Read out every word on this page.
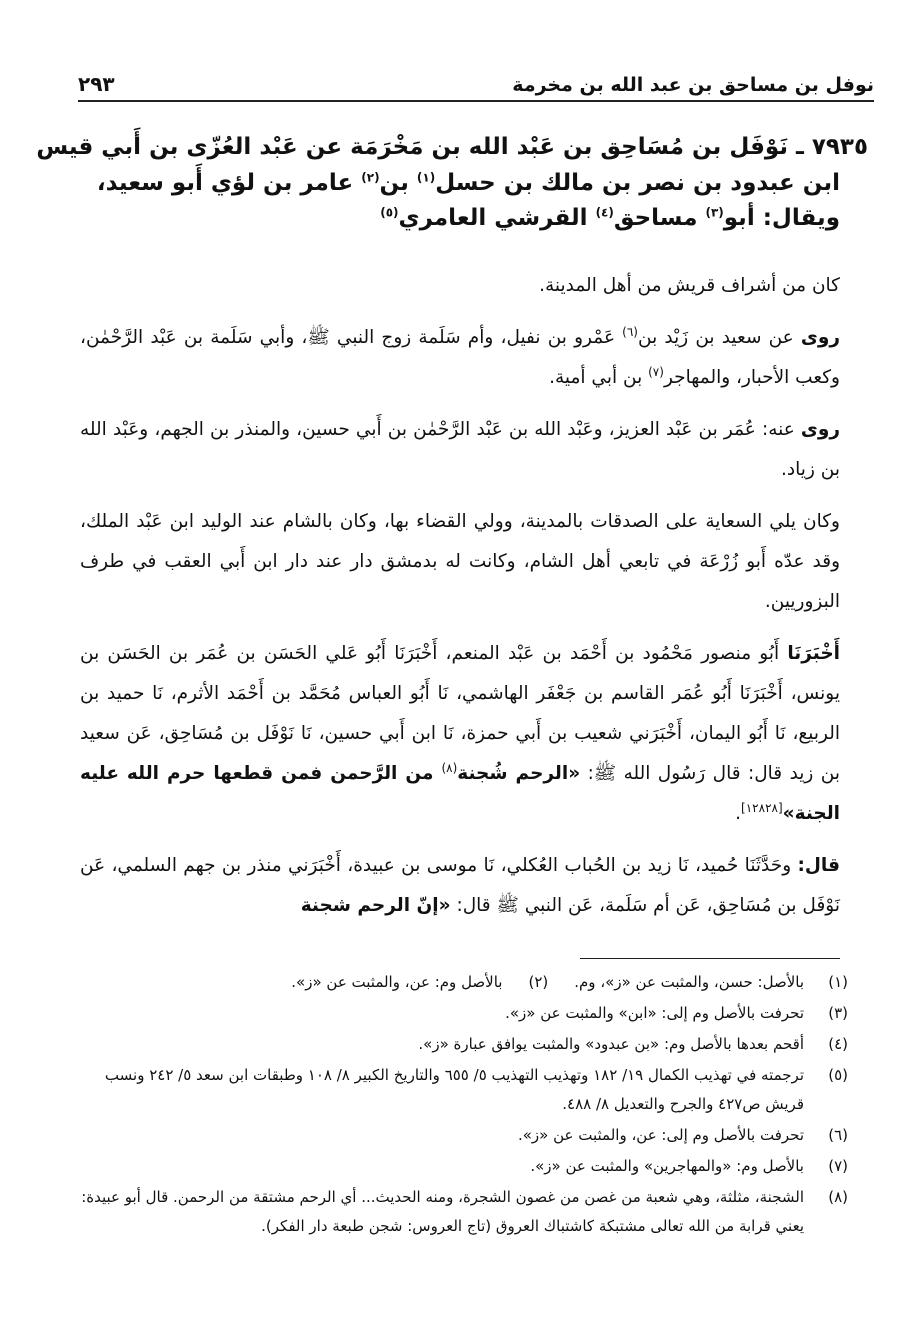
نوفل بن مساحق بن عبد الله بن مخرمة
٢٩٣
٧٩٣٥ ـ نَوْفَل بن مُسَاحِق بن عَبْد الله بن مَخْرَمَة عن عَبْد العُزّى بن أَبي قيس
ابن عبدود بن نصر بن مالك بن حسل$^{(١)}$ بن$^{(٢)}$ عامر بن لؤي أَبو سعيد،
ويقال: أبو$^{(٣)}$ مساحق$^{(٤)}$ القرشي العامري$^{(٥)}$

كان من أشراف قريش من أهل المدينة.

روى عن سعيد بن زَيْد بن$^{(٦)}$ عَمْرو بن نفيل، وأم سَلَمة زوج النبي ﷺ، وأبي سَلَمة بن عَبْد الرَّحْمٰن، وكعب الأحبار، والمهاجر$^{(٧)}$ بن أبي أمية.

روى عنه: عُمَر بن عَبْد العزيز، وعَبْد الله بن عَبْد الرَّحْمٰن بن أَبي حسين، والمنذر بن الجهم، وعَبْد الله بن زياد.

وكان يلي السعاية على الصدقات بالمدينة، وولي القضاء بها، وكان بالشام عند الوليد ابن عَبْد الملك، وقد عدّه أَبو زُرْعَة في تابعي أهل الشام، وكانت له بدمشق دار عند دار ابن أَبي العقب في طرف البزوريين.

أَخْبَرَنَا أَبُو منصور مَحْمُود بن أَحْمَد بن عَبْد المنعم، أَخْبَرَنَا أَبُو عَلي الحَسَن بن عُمَر بن الحَسَن بن يونس، أَخْبَرَنَا أَبُو عُمَر القاسم بن جَعْفَر الهاشمي، نَا أَبُو العباس مُحَمَّد بن أَحْمَد الأثرم، نَا حميد بن الربيع، نَا أَبُو اليمان، أَخْبَرَني شعيب بن أَبي حمزة، نَا ابن أَبي حسين، نَا نَوْفَل بن مُسَاحِق، عَن سعيد بن زيد قال: قال رَسُول الله ﷺ: «الرحم شُجنة$^{(٨)}$ من الرَّحمن فمن قطعها حرم الله عليه الجنة»[١٢٨٢٨].

قال: وحَدَّثَنَا حُميد، نَا زيد بن الحُباب العُكلي، نَا موسى بن عبيدة، أَخْبَرَني منذر بن جهم السلمي، عَن نَوْفَل بن مُسَاحِق، عَن أم سَلَمة، عَن النبي ﷺ قال: «إنّ الرحم شجنة

(١)
بالأصل: حسن، والمثبت عن «ز»، وم.
(٢)
بالأصل وم: عن، والمثبت عن «ز».
(٣)
تحرفت بالأصل وم إلى: «ابن» والمثبت عن «ز».
(٤)
أقحم بعدها بالأصل وم: «بن عبدود» والمثبت يوافق عبارة «ز».
(٥)
ترجمته في تهذيب الكمال ١٩/ ١٨٢ وتهذيب التهذيب ٥/ ٦٥٥ والتاريخ الكبير ٨/ ١٠٨ وطبقات ابن سعد ٥/ ٢٤٢ ونسب قريش ص٤٢٧ والجرح والتعديل ٨/ ٤٨٨.
(٦)
تحرفت بالأصل وم إلى: عن، والمثبت عن «ز».
(٧)
بالأصل وم: «والمهاجرين» والمثبت عن «ز».
(٨)
الشجنة، مثلثة، وهي شعبة من غصن من غصون الشجرة، ومنه الحديث... أي الرحم مشتقة من الرحمن. قال أبو عبيدة: يعني قرابة من الله تعالى مشتبكة كاشتباك العروق (تاج العروس: شجن طبعة دار الفكر).
